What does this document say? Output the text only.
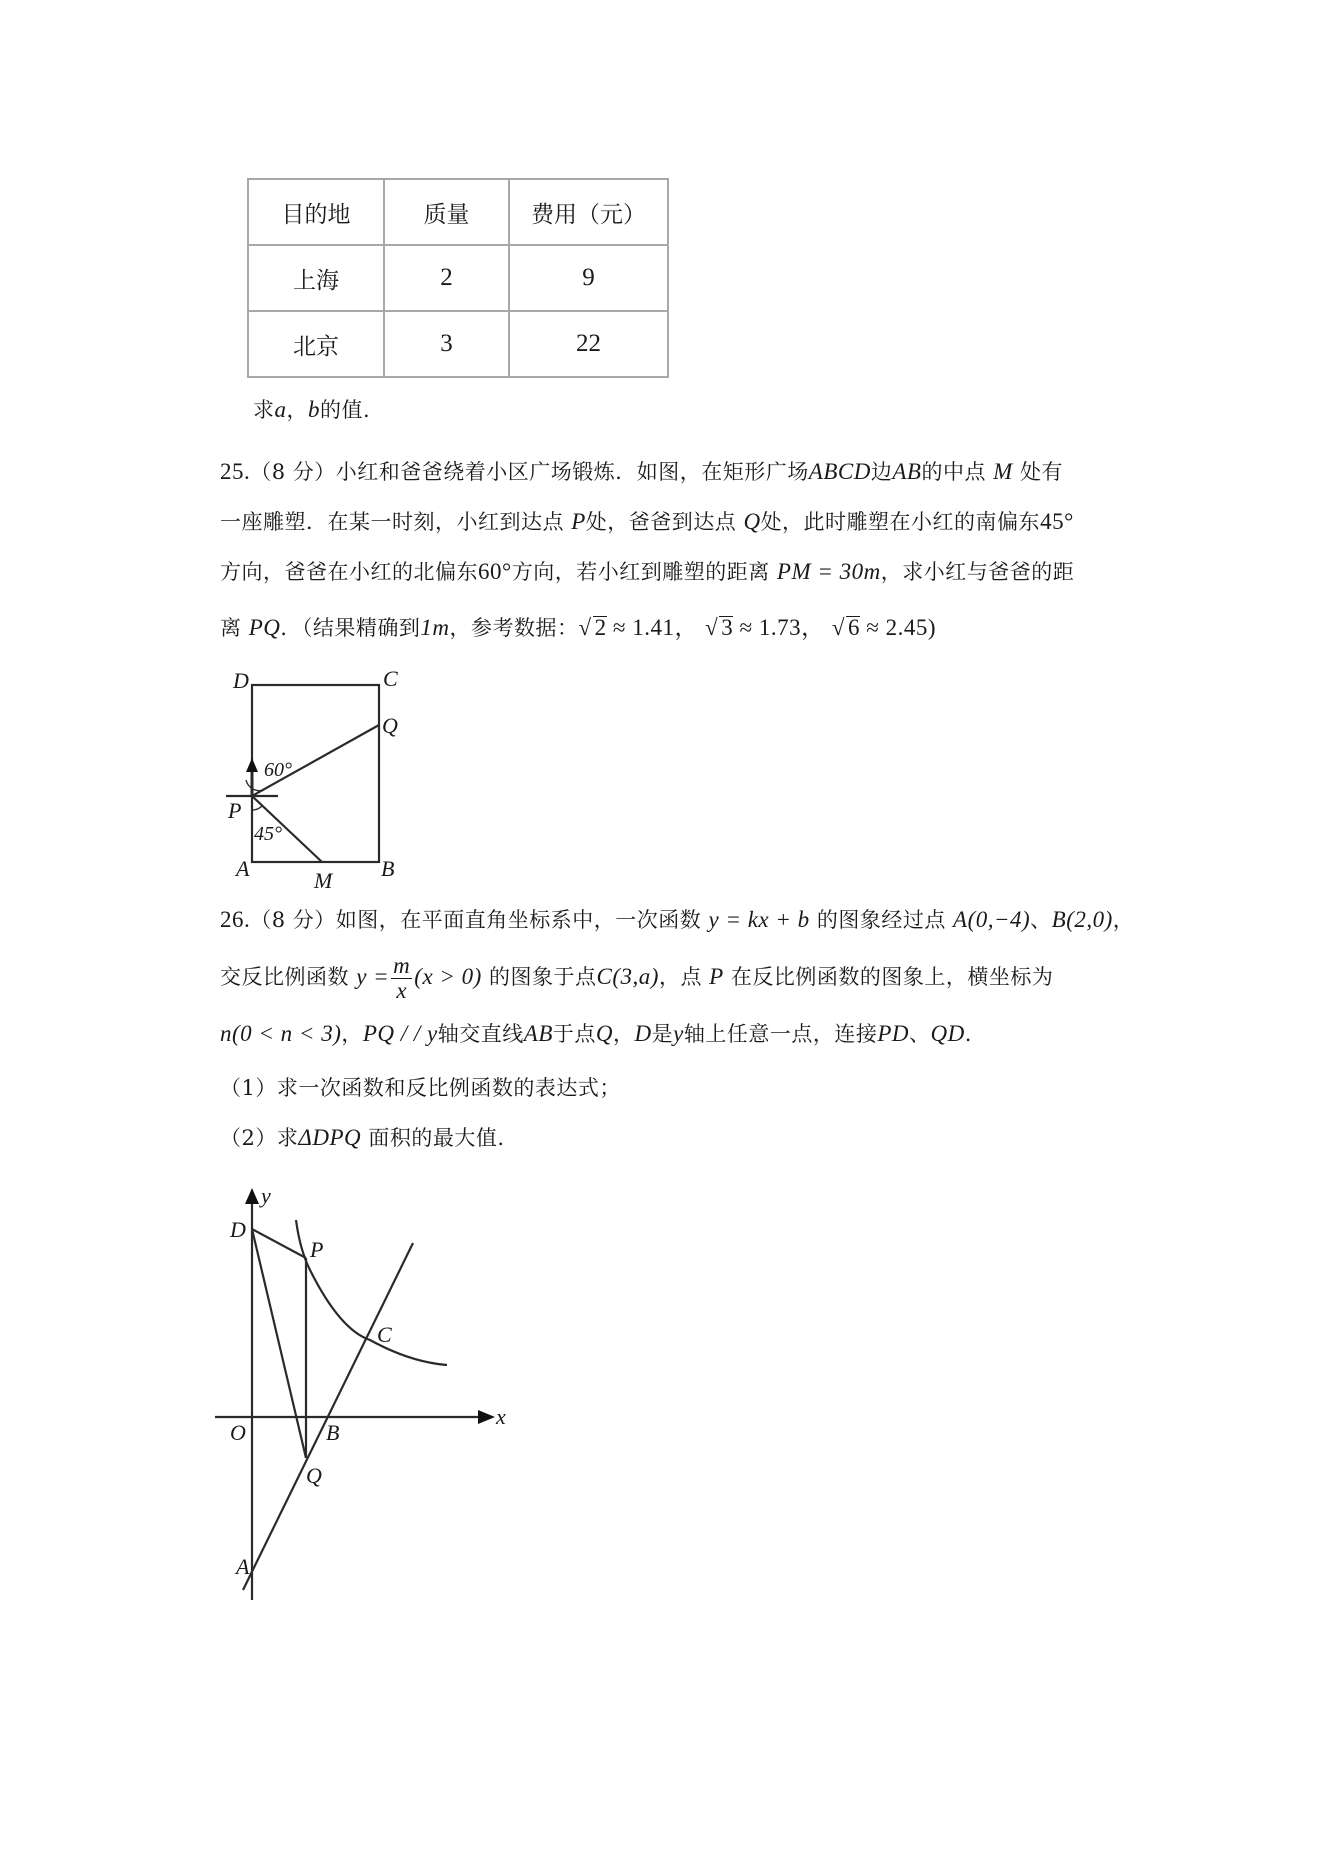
目的地	质量	费用（元）
上海	2	9
北京	3	22
求a，b的值.
25.（8 分）小红和爸爸绕着小区广场锻炼．如图，在矩形广场ABCD边AB的中点 M 处有
一座雕塑．在某一时刻，小红到达点 P处，爸爸到达点 Q处，此时雕塑在小红的南偏东45°
方向，爸爸在小红的北偏东60°方向，若小红到雕塑的距离 PM = 30m，求小红与爸爸的距
离 PQ．（结果精确到1m，参考数据：√ 2 ≈ 1.41， √ 3 ≈ 1.73， √ 6 ≈ 2.45)
D	C
Q
P
A	B
M
60°
45°
26.（8 分）如图，在平面直角坐标系中，一次函数 y = kx + b 的图象经过点 A(0,−4)、B(2,0)，
交反比例函数 $y = \frac{m}{x} (x > 0)$ 的图象于点C(3,a)，点 P 在反比例函数的图象上，横坐标为
n(0 < n < 3)，PQ / / y轴交直线AB于点Q，D是y轴上任意一点，连接PD、QD.
（1）求一次函数和反比例函数的表达式；
（2）求ΔDPQ 面积的最大值.
y
x
D
P
C
O	B
Q
A
